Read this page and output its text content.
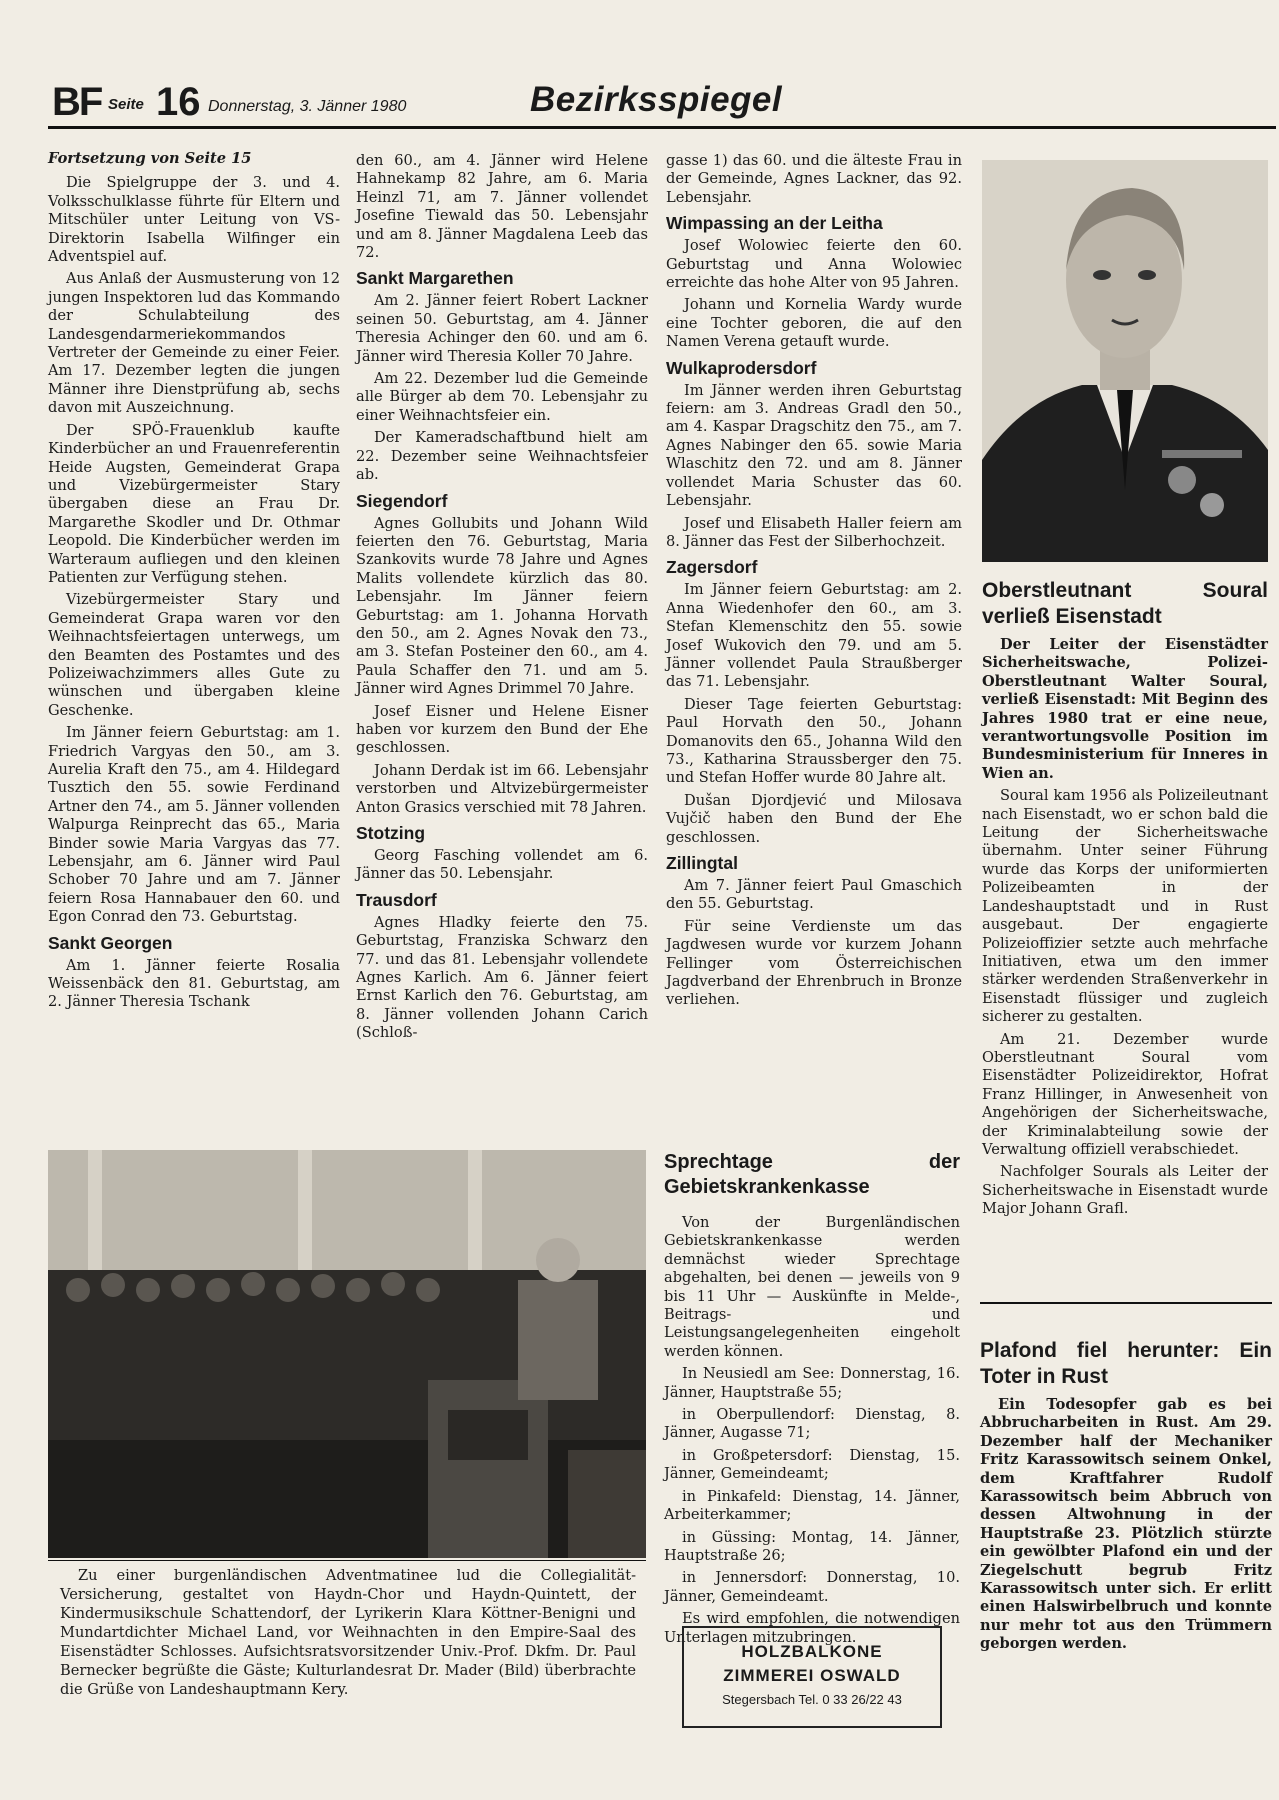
BF Seite 16 Donnerstag, 3. Jänner 1980	Bezirksspiegel
Fortsetzung von Seite 15

Die Spielgruppe der 3. und 4. Volksschulklasse führte für Eltern und Mitschüler unter Leitung von VS-Direktorin Isabella Wilfinger ein Adventspiel auf.

Aus Anlaß der Ausmusterung von 12 jungen Inspektoren lud das Kommando der Schulabteilung des Landesgendarmeriekommandos Vertreter der Gemeinde zu einer Feier. Am 17. Dezember legten die jungen Männer ihre Dienstprüfung ab, sechs davon mit Auszeichnung.

Der SPÖ-Frauenklub kaufte Kinderbücher an und Frauenreferentin Heide Augsten, Gemeinderat Grapa und Vizebürgermeister Stary übergaben diese an Frau Dr. Margarethe Skodler und Dr. Othmar Leopold. Die Kinderbücher werden im Warteraum aufliegen und den kleinen Patienten zur Verfügung stehen.

Vizebürgermeister Stary und Gemeinderat Grapa waren vor den Weihnachtsfeiertagen unterwegs, um den Beamten des Postamtes und des Polizeiwachzimmers alles Gute zu wünschen und übergaben kleine Geschenke.

Im Jänner feiern Geburtstag: am 1. Friedrich Vargyas den 50., am 3. Aurelia Kraft den 75., am 4. Hildegard Tusztich den 55. sowie Ferdinand Artner den 74., am 5. Jänner vollenden Walpurga Reinprecht das 65., Maria Binder sowie Maria Vargyas das 77. Lebensjahr, am 6. Jänner wird Paul Schober 70 Jahre und am 7. Jänner feiern Rosa Hannabauer den 60. und Egon Conrad den 73. Geburtstag.

Sankt Georgen

Am 1. Jänner feierte Rosalia Weissenbäck den 81. Geburtstag, am 2. Jänner Theresia Tschank

den 60., am 4. Jänner wird Helene Hahnekamp 82 Jahre, am 6. Maria Heinzl 71, am 7. Jänner vollendet Josefine Tiewald das 50. Lebensjahr und am 8. Jänner Magdalena Leeb das 72.

Sankt Margarethen

Am 2. Jänner feiert Robert Lackner seinen 50. Geburtstag, am 4. Jänner Theresia Achinger den 60. und am 6. Jänner wird Theresia Koller 70 Jahre.

Am 22. Dezember lud die Gemeinde alle Bürger ab dem 70. Lebensjahr zu einer Weihnachtsfeier ein.

Der Kameradschaftbund hielt am 22. Dezember seine Weihnachtsfeier ab.

Siegendorf

Agnes Gollubits und Johann Wild feierten den 76. Geburtstag, Maria Szankovits wurde 78 Jahre und Agnes Malits vollendete kürzlich das 80. Lebensjahr. Im Jänner feiern Geburtstag: am 1. Johanna Horvath den 50., am 2. Agnes Novak den 73., am 3. Stefan Posteiner den 60., am 4. Paula Schaffer den 71. und am 5. Jänner wird Agnes Drimmel 70 Jahre.

Josef Eisner und Helene Eisner haben vor kurzem den Bund der Ehe geschlossen.

Johann Derdak ist im 66. Lebensjahr verstorben und Altvizebürgermeister Anton Grasics verschied mit 78 Jahren.

Stotzing

Georg Fasching vollendet am 6. Jänner das 50. Lebensjahr.

Trausdorf

Agnes Hladky feierte den 75. Geburtstag, Franziska Schwarz den 77. und das 81. Lebensjahr vollendete Agnes Karlich. Am 6. Jänner feiert Ernst Karlich den 76. Geburtstag, am 8. Jänner vollenden Johann Carich (Schloß-

gasse 1) das 60. und die älteste Frau in der Gemeinde, Agnes Lackner, das 92. Lebensjahr.

Wimpassing an der Leitha

Josef Wolowiec feierte den 60. Geburtstag und Anna Wolowiec erreichte das hohe Alter von 95 Jahren.

Johann und Kornelia Wardy wurde eine Tochter geboren, die auf den Namen Verena getauft wurde.

Wulkaprodersdorf

Im Jänner werden ihren Geburtstag feiern: am 3. Andreas Gradl den 50., am 4. Kaspar Dragschitz den 75., am 7. Agnes Nabinger den 65. sowie Maria Wlaschitz den 72. und am 8. Jänner vollendet Maria Schuster das 60. Lebensjahr.

Josef und Elisabeth Haller feiern am 8. Jänner das Fest der Silberhochzeit.

Zagersdorf

Im Jänner feiern Geburtstag: am 2. Anna Wiedenhofer den 60., am 3. Stefan Klemenschitz den 55. sowie Josef Wukovich den 79. und am 5. Jänner vollendet Paula Straußberger das 71. Lebensjahr.

Dieser Tage feierten Geburtstag: Paul Horvath den 50., Johann Domanovits den 65., Johanna Wild den 73., Katharina Straussberger den 75. und Stefan Hoffer wurde 80 Jahre alt.

Dušan Djordjević und Milosava Vujčič haben den Bund der Ehe geschlossen.

Zillingtal

Am 7. Jänner feiert Paul Gmaschich den 55. Geburtstag.

Für seine Verdienste um das Jagdwesen wurde vor kurzem Johann Fellinger vom Österreichischen Jagdverband der Ehrenbruch in Bronze verliehen.

Oberstleutnant Soural verließ Eisenstadt

Der Leiter der Eisenstädter Sicherheitswache, Polizei-Oberstleutnant Walter Soural, verließ Eisenstadt: Mit Beginn des Jahres 1980 trat er eine neue, verantwortungsvolle Position im Bundesministerium für Inneres in Wien an.

Soural kam 1956 als Polizeileutnant nach Eisenstadt, wo er schon bald die Leitung der Sicherheitswache übernahm. Unter seiner Führung wurde das Korps der uniformierten Polizeibeamten in der Landeshauptstadt und in Rust ausgebaut. Der engagierte Polizeioffizier setzte auch mehrfache Initiativen, etwa um den immer stärker werdenden Straßenverkehr in Eisenstadt flüssiger und zugleich sicherer zu gestalten.

Am 21. Dezember wurde Oberstleutnant Soural vom Eisenstädter Polizeidirektor, Hofrat Franz Hillinger, in Anwesenheit von Angehörigen der Sicherheitswache, der Kriminalabteilung sowie der Verwaltung offiziell verabschiedet.

Nachfolger Sourals als Leiter der Sicherheitswache in Eisenstadt wurde Major Johann Grafl.

Plafond fiel herunter: Ein Toter in Rust

Ein Todesopfer gab es bei Abbrucharbeiten in Rust. Am 29. Dezember half der Mechaniker Fritz Karassowitsch seinem Onkel, dem Kraftfahrer Rudolf Karassowitsch beim Abbruch von dessen Altwohnung in der Hauptstraße 23. Plötzlich stürzte ein gewölbter Plafond ein und der Ziegelschutt begrub Fritz Karassowitsch unter sich. Er erlitt einen Halswirbelbruch und konnte nur mehr tot aus den Trümmern geborgen werden.

Zu einer burgenländischen Adventmatinee lud die Collegialität-Versicherung, gestaltet von Haydn-Chor und Haydn-Quintett, der Kindermusikschule Schattendorf, der Lyrikerin Klara Köttner-Benigni und Mundartdichter Michael Land, vor Weihnachten in den Empire-Saal des Eisenstädter Schlosses. Aufsichtsratsvorsitzender Univ.-Prof. Dkfm. Dr. Paul Bernecker begrüßte die Gäste; Kulturlandesrat Dr. Mader (Bild) überbrachte die Grüße von Landeshauptmann Kery.

Sprechtage der Gebietskrankenkasse

Von der Burgenländischen Gebietskrankenkasse werden demnächst wieder Sprechtage abgehalten, bei denen — jeweils von 9 bis 11 Uhr — Auskünfte in Melde-, Beitrags- und Leistungsangelegenheiten eingeholt werden können.

In Neusiedl am See: Donnerstag, 16. Jänner, Hauptstraße 55;

in Oberpullendorf: Dienstag, 8. Jänner, Augasse 71;

in Großpetersdorf: Dienstag, 15. Jänner, Gemeindeamt;

in Pinkafeld: Dienstag, 14. Jänner, Arbeiterkammer;

in Güssing: Montag, 14. Jänner, Hauptstraße 26;

in Jennersdorf: Donnerstag, 10. Jänner, Gemeindeamt.

Es wird empfohlen, die notwendigen Unterlagen mitzubringen.

HOLZBALKONE
ZIMMEREI OSWALD
Stegersbach Tel. 0 33 26/22 43
